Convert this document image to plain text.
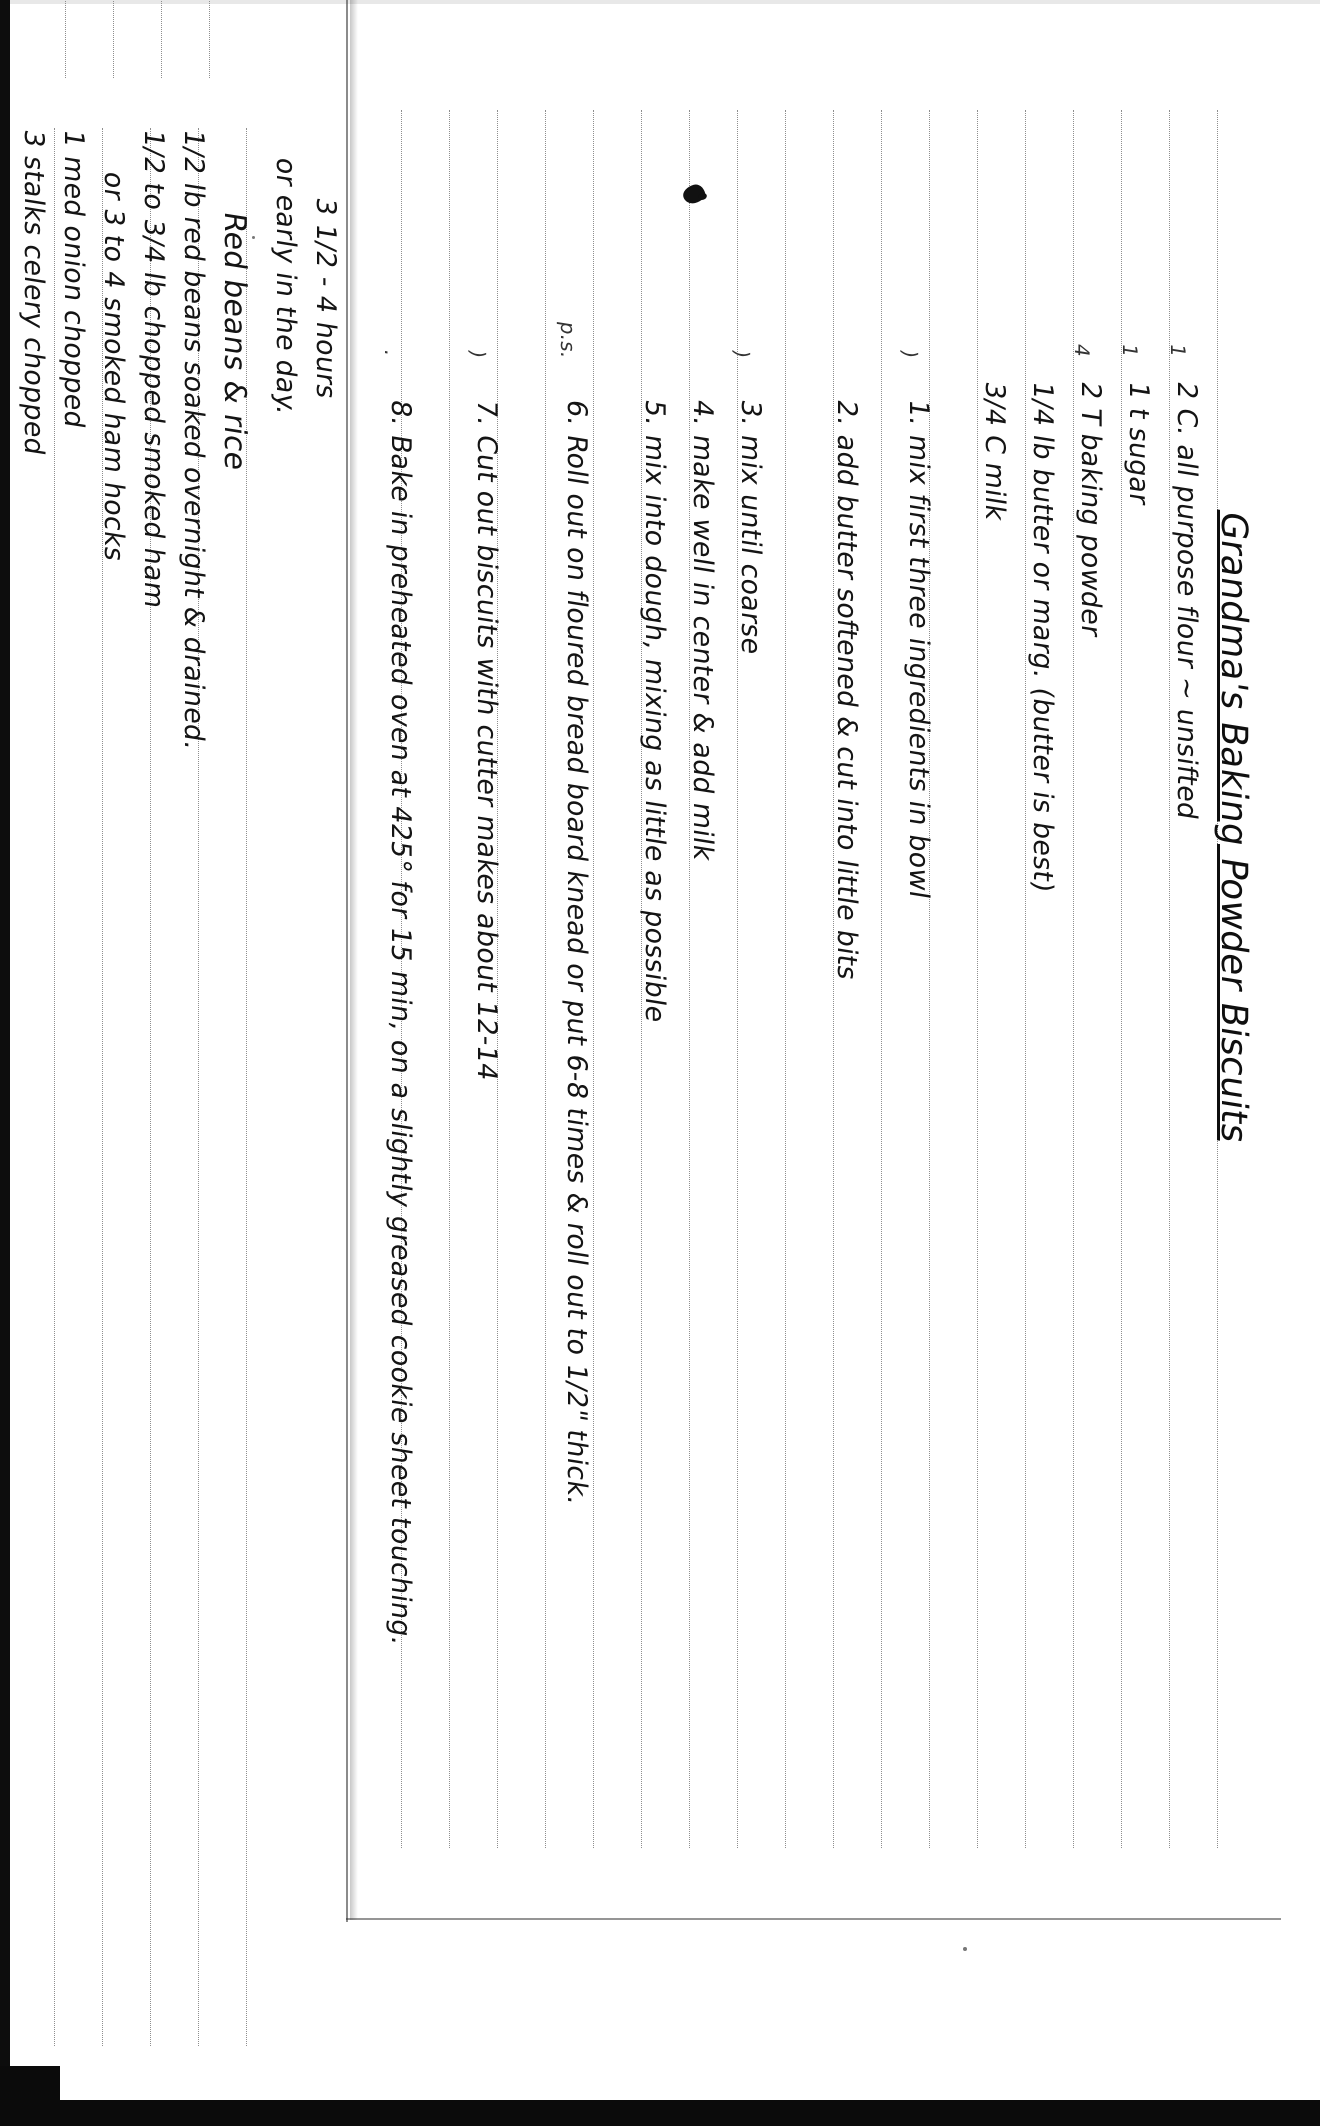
Grandma's Baking Powder Biscuits
1
2 C. all purpose flour ~ unsifted
1
1 t sugar
4
2 T baking powder
1/4 lb butter or marg. (butter is best)
3/4 C milk
)
1. mix first three ingredients in bowl
2. add butter softened & cut into little bits
)
3. mix until coarse
4. make well in center & add milk
5. mix into dough, mixing as little as possible
p.s.
6. Roll out on floured bread board knead or put 6-8 times & roll out to 1/2" thick.
)
7. Cut out biscuits with cutter makes about 12-14
.
8. Bake in preheated oven at 425° for 15 min, on a slightly greased cookie sheet touching.
3 1/2 - 4 hours
or early in the day.
Red beans & rice
1/2 lb red beans soaked overnight & drained.
1/2 to 3/4 lb chopped smoked ham
or 3 to 4 smoked ham hocks
1 med onion chopped
3 stalks celery chopped
